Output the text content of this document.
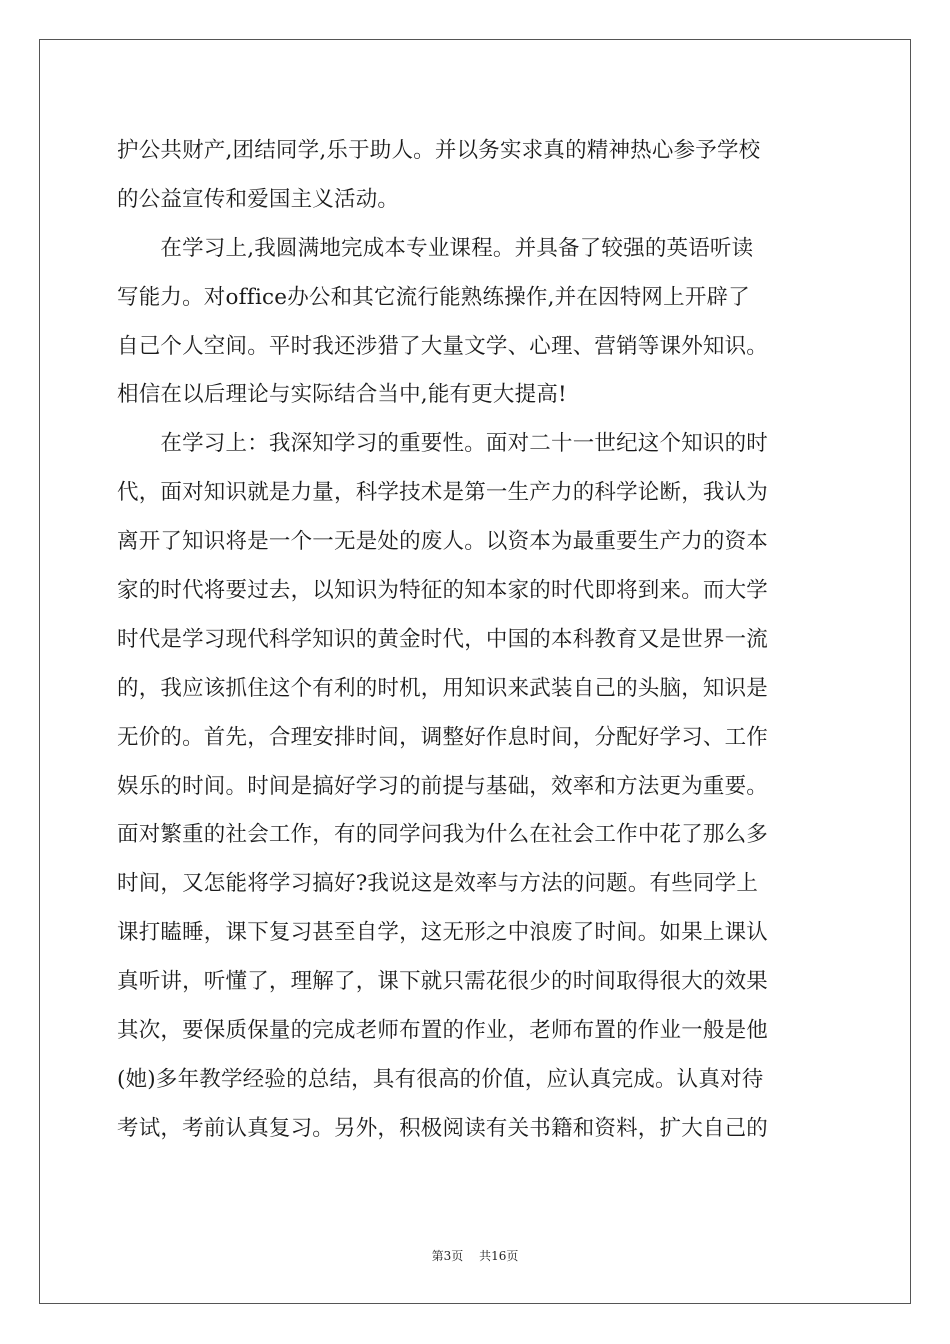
护公共财产,团结同学,乐于助人。并以务实求真的精神热心参予学校
的公益宣传和爱国主义活动。
　　在学习上,我圆满地完成本专业课程。并具备了较强的英语听读
写能力。对office办公和其它流行能熟练操作,并在因特网上开辟了
自己个人空间。平时我还涉猎了大量文学、心理、营销等课外知识。
相信在以后理论与实际结合当中,能有更大提高!
　　在学习上：我深知学习的重要性。面对二十一世纪这个知识的时
代，面对知识就是力量，科学技术是第一生产力的科学论断，我认为
离开了知识将是一个一无是处的废人。以资本为最重要生产力的资本
家的时代将要过去，以知识为特征的知本家的时代即将到来。而大学
时代是学习现代科学知识的黄金时代，中国的本科教育又是世界一流
的，我应该抓住这个有利的时机，用知识来武装自己的头脑，知识是
无价的。首先，合理安排时间，调整好作息时间，分配好学习、工作
娱乐的时间。时间是搞好学习的前提与基础，效率和方法更为重要。
面对繁重的社会工作，有的同学问我为什么在社会工作中花了那么多
时间，又怎能将学习搞好?我说这是效率与方法的问题。有些同学上
课打瞌睡，课下复习甚至自学，这无形之中浪废了时间。如果上课认
真听讲，听懂了，理解了，课下就只需花很少的时间取得很大的效果
其次，要保质保量的完成老师布置的作业，老师布置的作业一般是他
(她)多年教学经验的总结，具有很高的价值，应认真完成。认真对待
考试，考前认真复习。另外，积极阅读有关书籍和资料，扩大自己的
第3页 共16页
